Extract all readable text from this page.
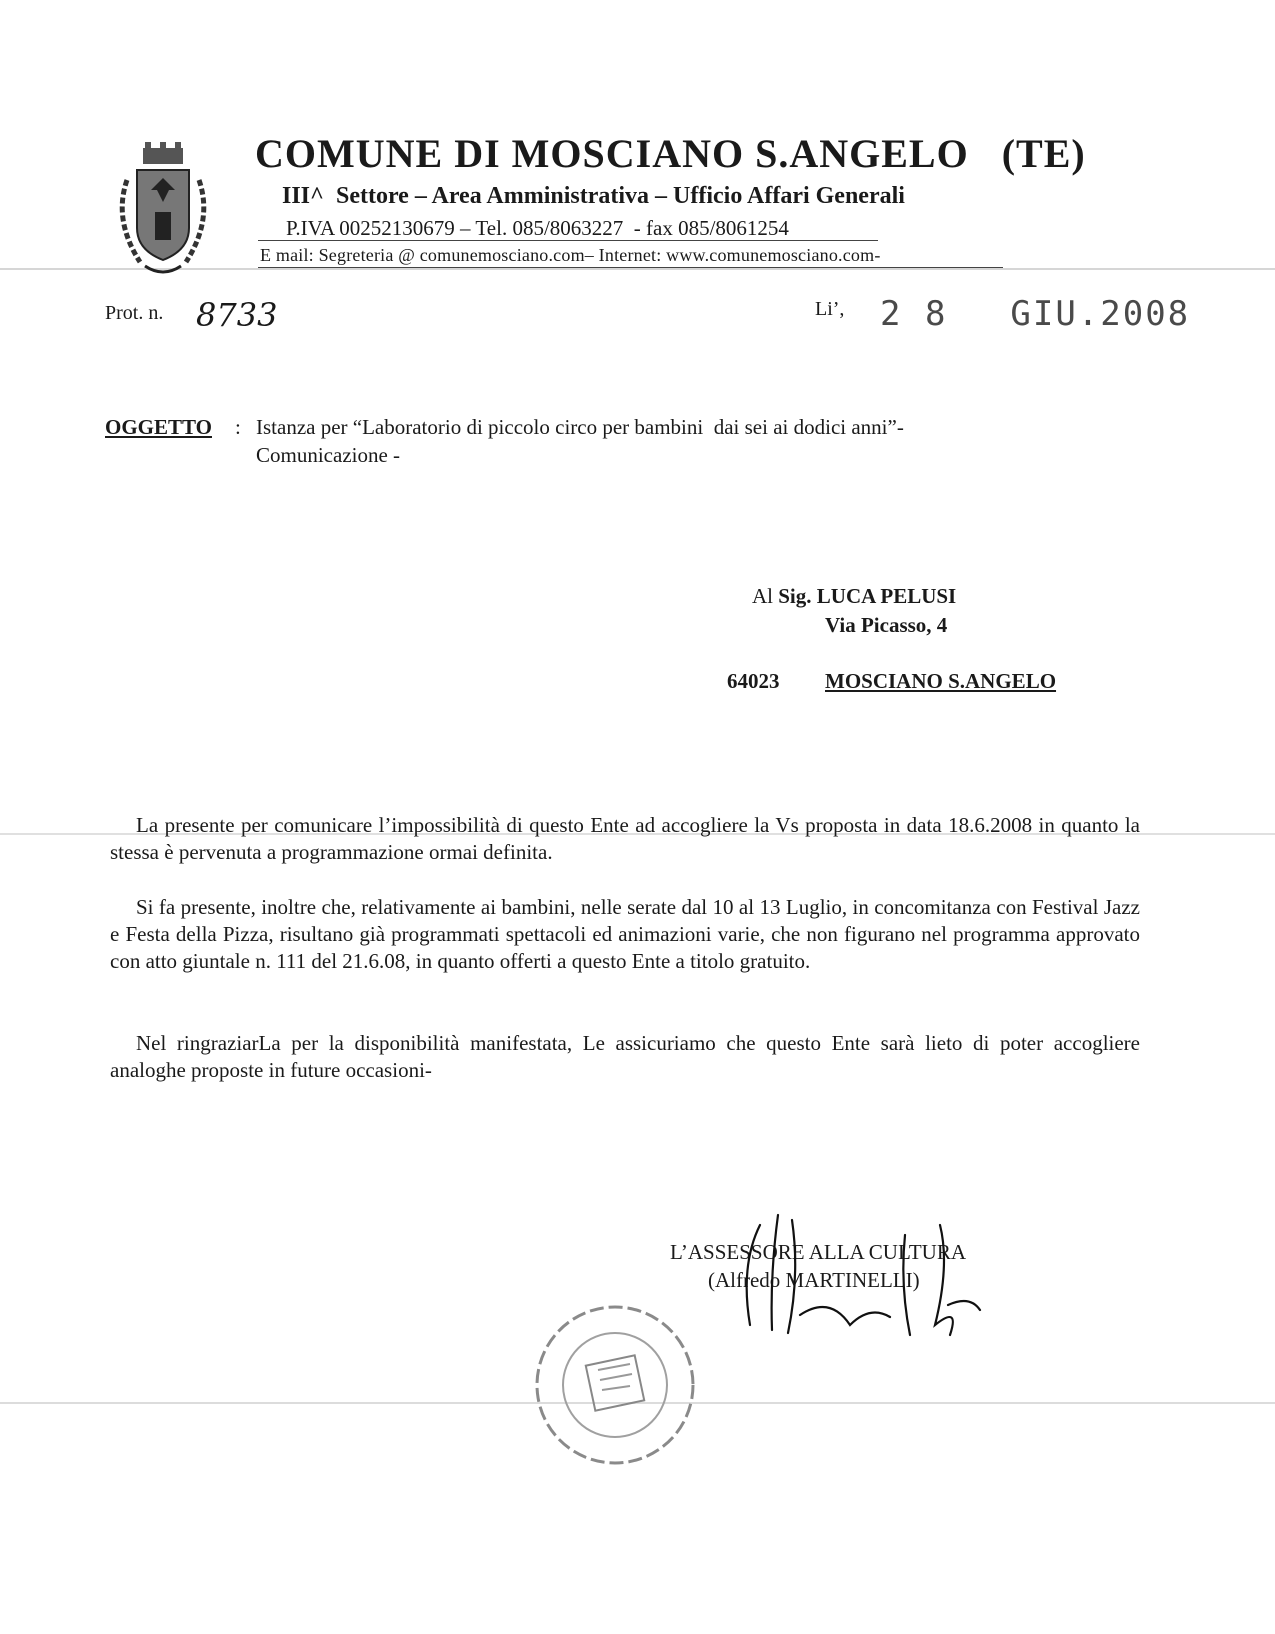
COMUNE DI MOSCIANO S.ANGELO   (TE)
III^  Settore – Area Amministrativa – Ufficio Affari Generali
P.IVA 00252130679 – Tel. 085/8063227  - fax 085/8061254
E mail: Segreteria @ comunemosciano.com– Internet: www.comunemosciano.com-
Prot. n. 8733	Li’, 2 8 GIU.2008
OGGETTO : Istanza per “Laboratorio di piccolo circo per bambini  dai sei ai dodici anni”-
Comunicazione -
Al Sig. LUCA PELUSI
Via Picasso, 4
64023 MOSCIANO S.ANGELO
La presente per comunicare l’impossibilità di questo Ente ad accogliere la Vs proposta in data 18.6.2008 in quanto la stessa è pervenuta a programmazione ormai definita.
Si fa presente, inoltre che, relativamente ai bambini, nelle serate dal 10 al 13 Luglio, in concomitanza con Festival Jazz e Festa della Pizza, risultano già programmati spettacoli ed animazioni varie, che non figurano nel programma approvato con atto giuntale n. 111 del 21.6.08, in quanto offerti a questo Ente a titolo gratuito.
Nel ringraziarLa per la disponibilità manifestata, Le assicuriamo che questo Ente sarà lieto di poter accogliere analoghe proposte in future occasioni-
L’ASSESSORE ALLA CULTURA
(Alfredo MARTINELLI)
